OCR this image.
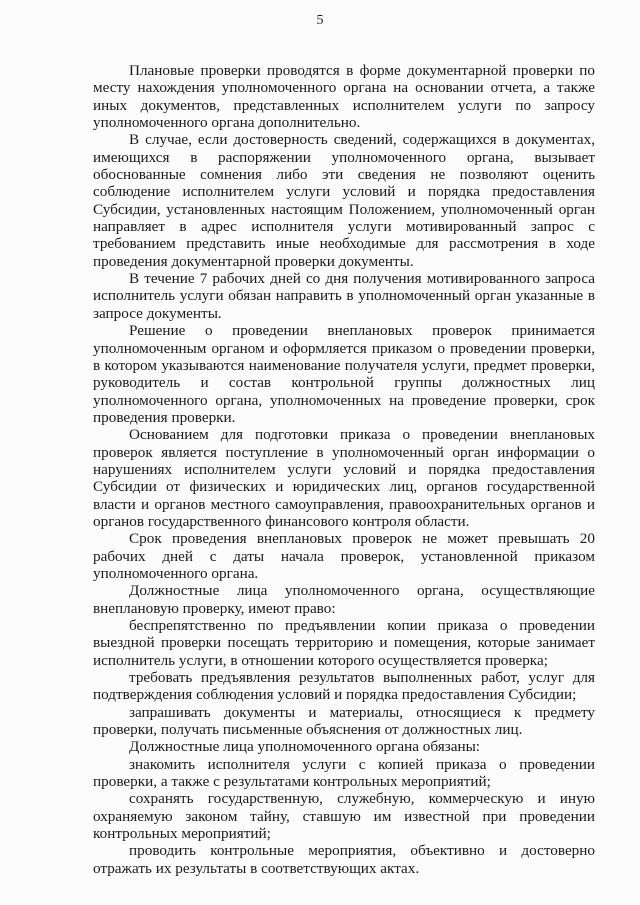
5

Плановые проверки проводятся в форме документарной проверки по месту нахождения уполномоченного органа на основании отчета, а также иных документов, представленных исполнителем услуги по запросу уполномоченного органа дополнительно.

В случае, если достоверность сведений, содержащихся в документах, имеющихся в распоряжении уполномоченного органа, вызывает обоснованные сомнения либо эти сведения не позволяют оценить соблюдение исполнителем услуги условий и порядка предоставления Субсидии, установленных настоящим Положением, уполномоченный орган направляет в адрес исполнителя услуги мотивированный запрос с требованием представить иные необходимые для рассмотрения в ходе проведения документарной проверки документы.

В течение 7 рабочих дней со дня получения мотивированного запроса исполнитель услуги обязан направить в уполномоченный орган указанные в запросе документы.

Решение о проведении внеплановых проверок принимается уполномоченным органом и оформляется приказом о проведении проверки, в котором указываются наименование получателя услуги, предмет проверки, руководитель и состав контрольной группы должностных лиц уполномоченного органа, уполномоченных на проведение проверки, срок проведения проверки.

Основанием для подготовки приказа о проведении внеплановых проверок является поступление в уполномоченный орган информации о нарушениях исполнителем услуги условий и порядка предоставления Субсидии от физических и юридических лиц, органов государственной власти и органов местного самоуправления, правоохранительных органов и органов государственного финансового контроля области.

Срок проведения внеплановых проверок не может превышать 20 рабочих дней с даты начала проверок, установленной приказом уполномоченного органа.

Должностные лица уполномоченного органа, осуществляющие внеплановую проверку, имеют право:

беспрепятственно по предъявлении копии приказа о проведении выездной проверки посещать территорию и помещения, которые занимает исполнитель услуги, в отношении которого осуществляется проверка;

требовать предъявления результатов выполненных работ, услуг для подтверждения соблюдения условий и порядка предоставления Субсидии;

запрашивать документы и материалы, относящиеся к предмету проверки, получать письменные объяснения от должностных лиц.

Должностные лица уполномоченного органа обязаны:

знакомить исполнителя услуги с копией приказа о проведении проверки, а также с результатами контрольных мероприятий;

сохранять государственную, служебную, коммерческую и иную охраняемую законом тайну, ставшую им известной при проведении контрольных мероприятий;

проводить контрольные мероприятия, объективно и достоверно отражать их результаты в соответствующих актах.
